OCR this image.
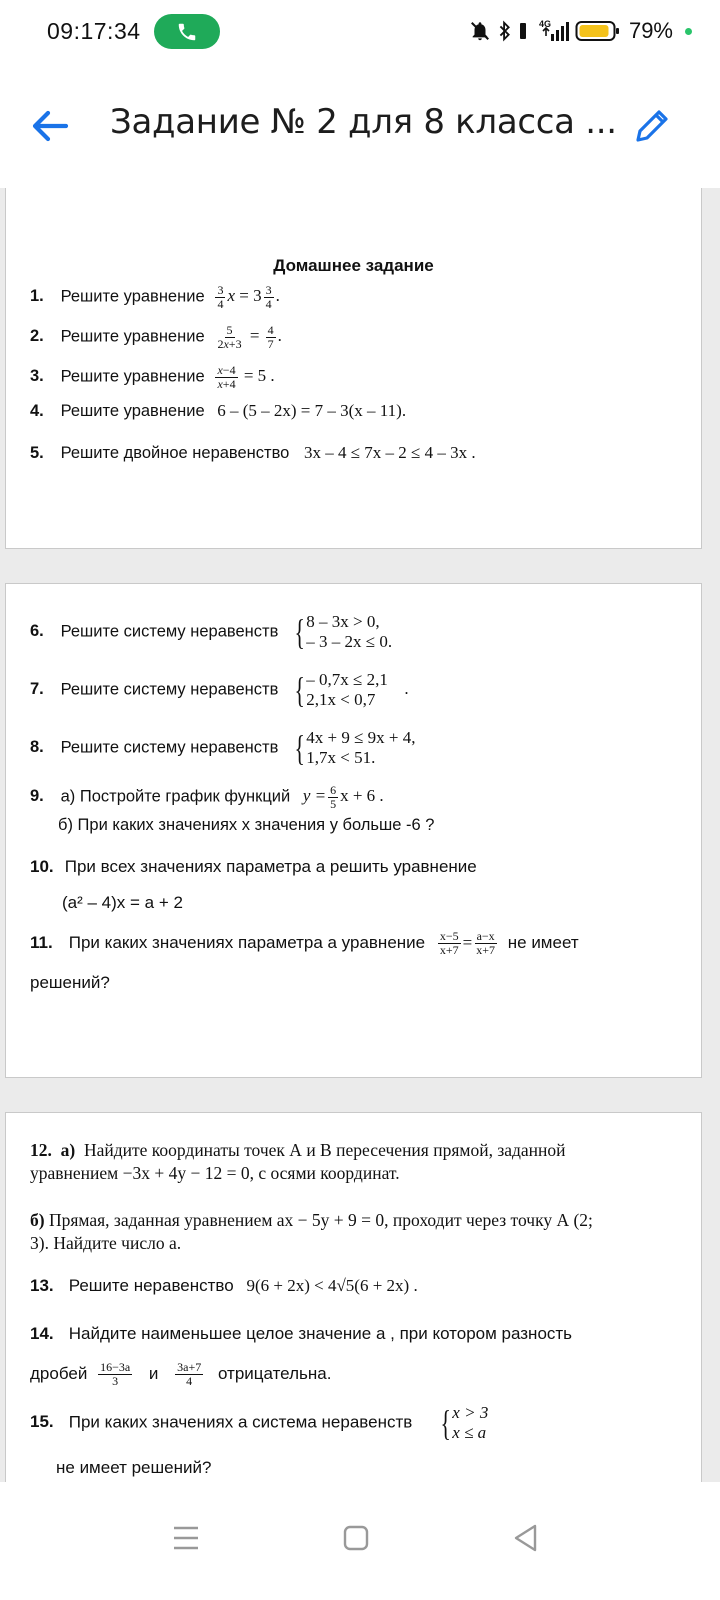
09:17:34	4G	79%
Задание № 2 для 8 класса ...
Домашнее задание
1. Решите уравнение $\frac{3}{4}$ $x = 3 \frac{3}{4}$ .
2. Решите уравнение $\frac{5}{2x+3} = \frac{4}{7}$ .
3. Решите уравнение $\frac{x-4}{x+4} = 5$ .
4. Решите уравнение 6 – (5 – 2x) = 7 – 3(x – 11).
5. Решите двойное неравенство 3x – 4 ≤ 7x – 2 ≤ 4 – 3x .
6. Решите систему неравенств { 8 – 3x > 0,
– 3 – 2x ≤ 0.
7. Решите систему неравенств { – 0,7x ≤ 2,1
2,1x < 0,7
.
8. Решите систему неравенств { 4x + 9 ≤ 9x + 4,
1,7x < 51.
9. а) Постройте график функций $y = \frac{6}{5}$ x + 6 .
б) При каких значениях x значения y больше -6 ?
10. При всех значениях параметра a решить уравнение
(a² – 4)x = a + 2
11. При каких значениях параметра a уравнение $\frac{x-5}{x+7} = \frac{a-x}{x+7}$ не имеет
решений?
12. а) Найдите координаты точек А и В пересечения прямой, заданной
уравнением −3x + 4y − 12 = 0, с осями координат.
б) Прямая, заданная уравнением ax − 5y + 9 = 0, проходит через точку А (2;
3). Найдите число a.
13. Решите неравенство 9(6 + 2x) < 4√5(6 + 2x) .
14. Найдите наименьшее целое значение a , при котором разность
дробей $\frac{16-3a}{3}$ и $\frac{3a+7}{4}$ отрицательна.
15. При каких значениях a система неравенств { x > 3
x ≤ a
не имеет решений?
